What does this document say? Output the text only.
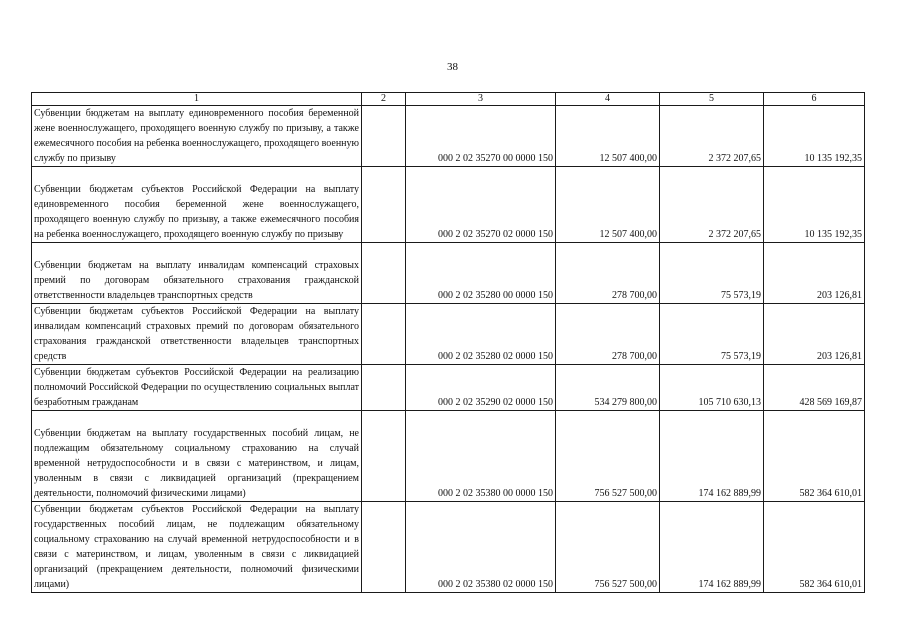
38
1	2	3	4	5	6
Субвенции бюджетам на выплату единовременного пособия беременной жене военнослужащего, проходящего военную службу по призыву, а также ежемесячного пособия на ребенка военнослужащего, проходящего военную службу по призыву		000 2 02 35270 00 0000 150	12 507 400,00	2 372 207,65	10 135 192,35
Субвенции бюджетам субъектов Российской Федерации на выплату единовременного пособия беременной жене военнослужащего, проходящего военную службу по призыву, а также ежемесячного пособия на ребенка военнослужащего, проходящего военную службу по призыву		000 2 02 35270 02 0000 150	12 507 400,00	2 372 207,65	10 135 192,35
Субвенции бюджетам на выплату инвалидам компенсаций страховых премий по договорам обязательного страхования гражданской ответственности владельцев транспортных средств		000 2 02 35280 00 0000 150	278 700,00	75 573,19	203 126,81
Субвенции бюджетам субъектов Российской Федерации на выплату инвалидам компенсаций страховых премий по договорам обязательного страхования гражданской ответственности владельцев транспортных средств		000 2 02 35280 02 0000 150	278 700,00	75 573,19	203 126,81
Субвенции бюджетам субъектов Российской Федерации на реализацию полномочий Российской Федерации по осуществлению социальных выплат безработным гражданам		000 2 02 35290 02 0000 150	534 279 800,00	105 710 630,13	428 569 169,87
Субвенции бюджетам на выплату государственных пособий лицам, не подлежащим обязательному социальному страхованию на случай временной нетрудоспособности и в связи с материнством, и лицам, уволенным в связи с ликвидацией организаций (прекращением деятельности, полномочий физическими лицами)		000 2 02 35380 00 0000 150	756 527 500,00	174 162 889,99	582 364 610,01
Субвенции бюджетам субъектов Российской Федерации на выплату государственных пособий лицам, не подлежащим обязательному социальному страхованию на случай временной нетрудоспособности и в связи с материнством, и лицам, уволенным в связи с ликвидацией организаций (прекращением деятельности, полномочий физическими лицами)		000 2 02 35380 02 0000 150	756 527 500,00	174 162 889,99	582 364 610,01
